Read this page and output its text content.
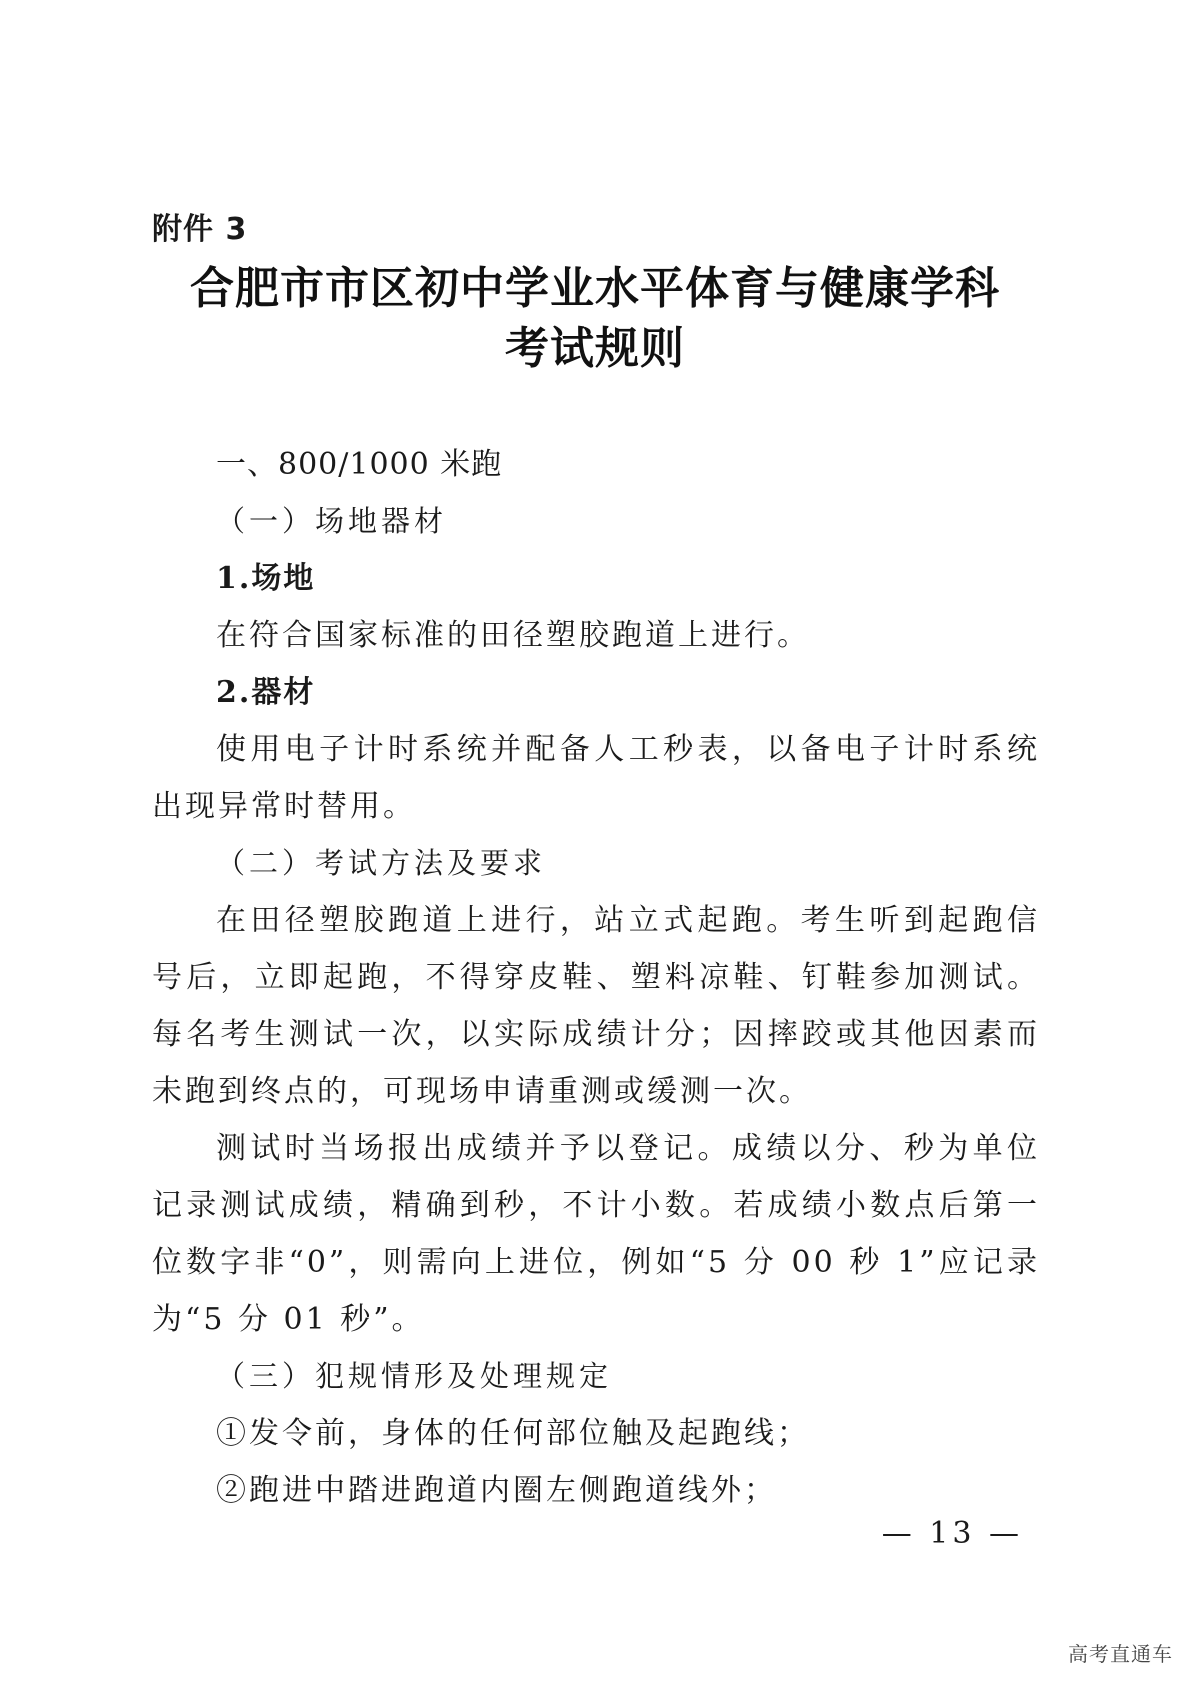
附件 3
合肥市市区初中学业水平体育与健康学科
考试规则

一、800/1000 米跑

（一）场地器材

1.场地

在符合国家标准的田径塑胶跑道上进行。

2.器材

使用电子计时系统并配备人工秒表，以备电子计时系统出现异常时替用。

（二）考试方法及要求

在田径塑胶跑道上进行，站立式起跑。考生听到起跑信号后，立即起跑，不得穿皮鞋、塑料凉鞋、钉鞋参加测试。每名考生测试一次，以实际成绩计分；因摔跤或其他因素而未跑到终点的，可现场申请重测或缓测一次。

测试时当场报出成绩并予以登记。成绩以分、秒为单位记录测试成绩，精确到秒，不计小数。若成绩小数点后第一位数字非“0”，则需向上进位，例如“5 分 00 秒 1”应记录为“5 分 01 秒”。

（三）犯规情形及处理规定

①发令前，身体的任何部位触及起跑线；

②跑进中踏进跑道内圈左侧跑道线外；

— 13 —
高考直通车
